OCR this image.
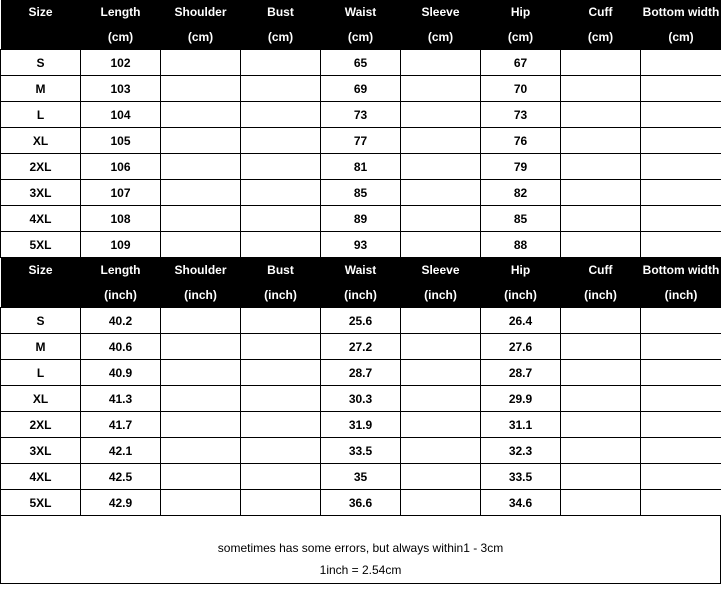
Size	Length	Shoulder	Bust	Waist	Sleeve	Hip	Cuff	Bottom width
	(cm)	(cm)	(cm)	(cm)	(cm)	(cm)	(cm)	(cm)
S	102			65		67		
M	103			69		70		
L	104			73		73		
XL	105			77		76		
2XL	106			81		79		
3XL	107			85		82		
4XL	108			89		85		
5XL	109			93		88		
Size	Length	Shoulder	Bust	Waist	Sleeve	Hip	Cuff	Bottom width
	(inch)	(inch)	(inch)	(inch)	(inch)	(inch)	(inch)	(inch)
S	40.2			25.6		26.4		
M	40.6			27.2		27.6		
L	40.9			28.7		28.7		
XL	41.3			30.3		29.9		
2XL	41.7			31.9		31.1		
3XL	42.1			33.5		32.3		
4XL	42.5			35		33.5		
5XL	42.9			36.6		34.6		
sometimes has some errors, but always within1 - 3cm
1inch = 2.54cm
